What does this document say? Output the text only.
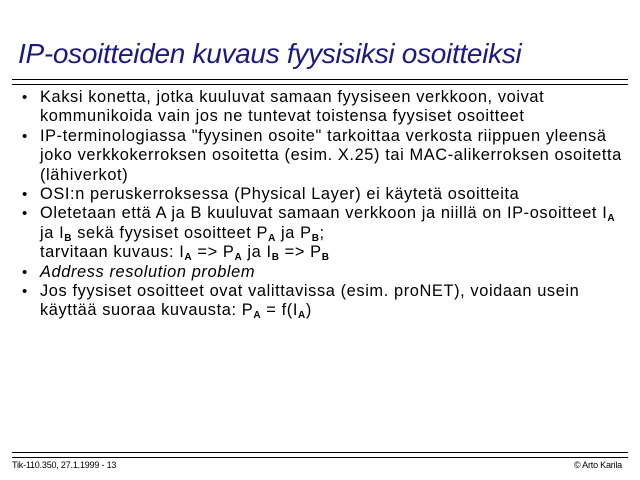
IP-osoitteiden kuvaus fyysisiksi osoitteiksi
• Kaksi konetta, jotka kuuluvat samaan fyysiseen verkkoon, voivat kommunikoida vain jos ne tuntevat toistensa fyysiset osoitteet
• IP-terminologiassa "fyysinen osoite" tarkoittaa verkosta riippuen yleensä joko verkkokerroksen osoitetta (esim. X.25) tai MAC-alikerroksen osoitetta (lähiverkot)
• OSI:n peruskerroksessa (Physical Layer) ei käytetä osoitteita
• Oletetaan että A ja B kuuluvat samaan verkkoon ja niillä on IP-osoitteet $I_A$ ja $I_B$ sekä fyysiset osoitteet $P_A$ ja $P_B$;
tarvitaan kuvaus: $I_A => P_A$ ja $I_B => P_B$
• Address resolution problem
• Jos fyysiset osoitteet ovat valittavissa (esim. proNET), voidaan usein käyttää suoraa kuvausta: $P_A = f(I_A)$
Tik-110.350, 27.1.1999 - 13	© Arto Karila
